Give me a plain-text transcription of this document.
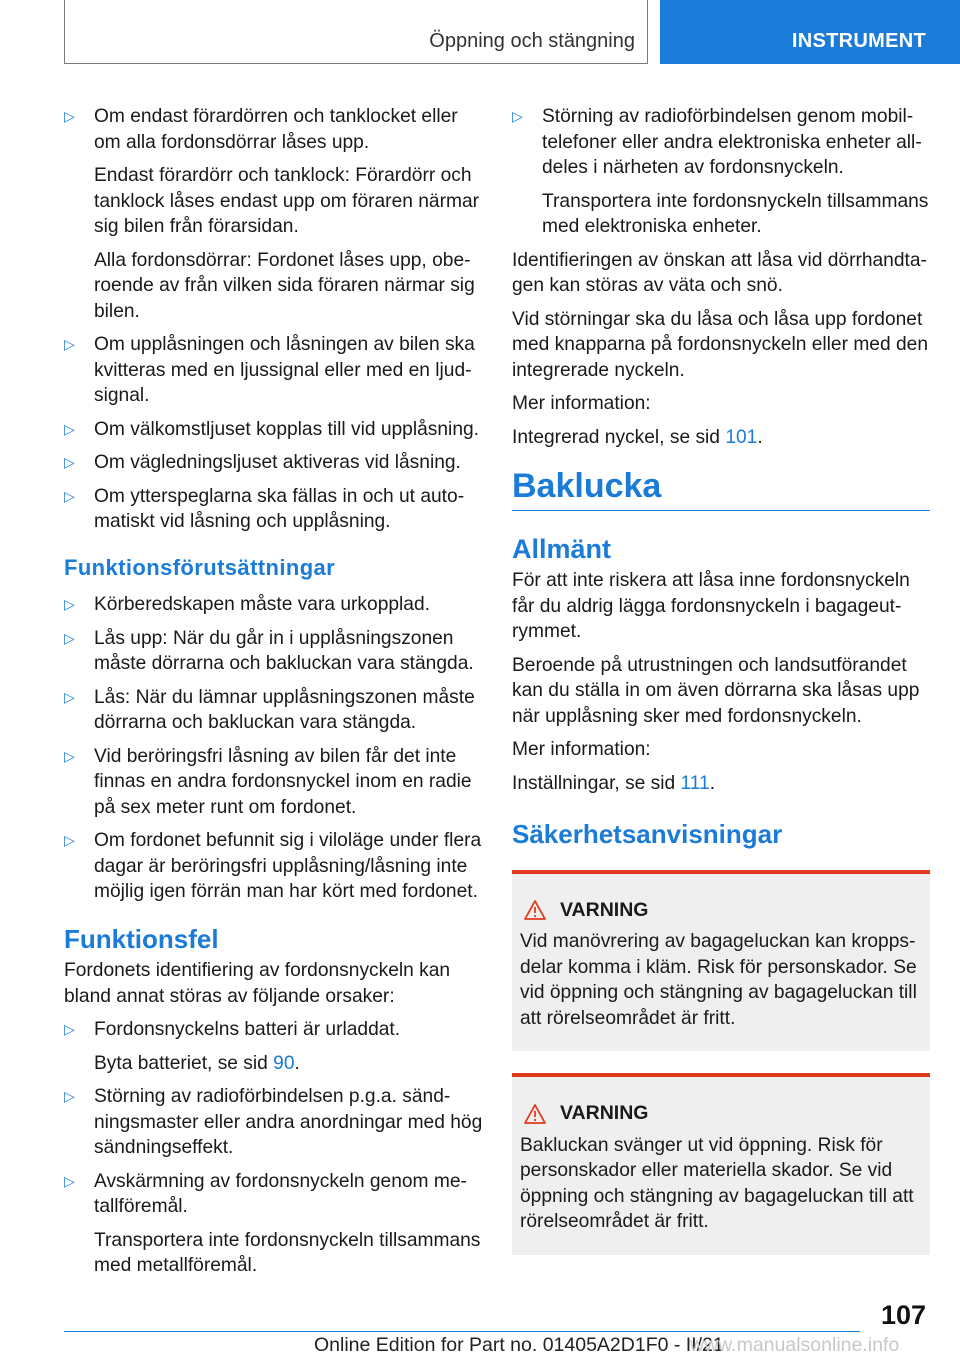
Öppning och stängning	INSTRUMENT
▷ Om endast förardörren och tanklocket eller om alla fordonsdörrar låses upp.

Endast förardörr och tanklock: Förardörr och tanklock låses endast upp om föraren närmar sig bilen från förarsidan.

Alla fordonsdörrar: Fordonet låses upp, oberoende av från vilken sida föraren närmar sig bilen.

▷ Om upplåsningen och låsningen av bilen ska kvitteras med en ljussignal eller med en ljudsignal.

▷ Om välkomstljuset kopplas till vid upplåsning.

▷ Om vägledningsljuset aktiveras vid låsning.

▷ Om ytterspeglarna ska fällas in och ut automatiskt vid låsning och upplåsning.

Funktionsförutsättningar
▷ Körberedskapen måste vara urkopplad.

▷ Lås upp: När du går in i upplåsningszonen måste dörrarna och bakluckan vara stängda.

▷ Lås: När du lämnar upplåsningszonen måste dörrarna och bakluckan vara stängda.

▷ Vid beröringsfri låsning av bilen får det inte finnas en andra fordonsnyckel inom en radie på sex meter runt om fordonet.

▷ Om fordonet befunnit sig i viloläge under flera dagar är beröringsfri upplåsning/låsning inte möjlig igen förrän man har kört med fordonet.

Funktionsfel

Fordonets identifiering av fordonsnyckeln kan bland annat störas av följande orsaker:

▷ Fordonsnyckelns batteri är urladdat.

Byta batteriet, se sid 90.

▷ Störning av radioförbindelsen p.g.a. sändningsmaster eller andra anordningar med hög sändningseffekt.

▷ Avskärmning av fordonsnyckeln genom metallföremål.

Transportera inte fordonsnyckeln tillsammans med metallföremål.

▷ Störning av radioförbindelsen genom mobiltelefoner eller andra elektroniska enheter alldeles i närheten av fordonsnyckeln.

Transportera inte fordonsnyckeln tillsammans med elektroniska enheter.

Identifieringen av önskan att låsa vid dörrhandtagen kan störas av väta och snö.

Vid störningar ska du låsa och låsa upp fordonet med knapparna på fordonsnyckeln eller med den integrerade nyckeln.

Mer information:

Integrerad nyckel, se sid 101.

Baklucka
Allmänt

För att inte riskera att låsa inne fordonsnyckeln får du aldrig lägga fordonsnyckeln i bagageutrymmet.

Beroende på utrustningen och landsutförandet kan du ställa in om även dörrarna ska låsas upp när upplåsning sker med fordonsnyckeln.

Mer information:

Inställningar, se sid 111.

Säkerhetsanvisningar
VARNING

Vid manövrering av bagageluckan kan kroppsdelar komma i kläm. Risk för personskador. Se vid öppning och stängning av bagageluckan till att rörelseområdet är fritt.

VARNING

Bakluckan svänger ut vid öppning. Risk för personskador eller materiella skador. Se vid öppning och stängning av bagageluckan till att rörelseområdet är fritt.

107
Online Edition for Part no. 01405A2D1F0 - II/21
www.manualsonline.info
